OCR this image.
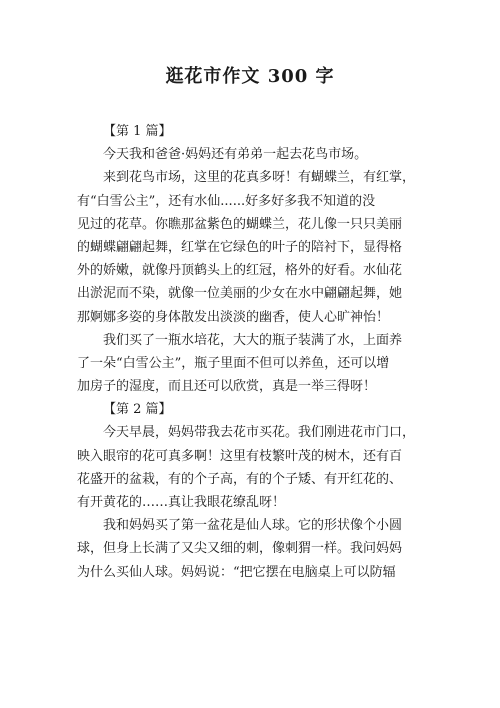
逛花市作文 300 字
【第 1 篇】
今天我和爸爸·妈妈还有弟弟一起去花鸟市场。
来到花鸟市场，这里的花真多呀！有蝴蝶兰，有红掌，
有“白雪公主”，还有水仙......好多好多我不知道的没
见过的花草。你瞧那盆紫色的蝴蝶兰，花儿像一只只美丽
的蝴蝶翩翩起舞，红掌在它绿色的叶子的陪衬下，显得格
外的娇嫩，就像丹顶鹤头上的红冠，格外的好看。水仙花
出淤泥而不染，就像一位美丽的少女在水中翩翩起舞，她
那婀娜多姿的身体散发出淡淡的幽香，使人心旷神怡！
我们买了一瓶水培花，大大的瓶子装满了水，上面养
了一朵“白雪公主”，瓶子里面不但可以养鱼，还可以增
加房子的湿度，而且还可以欣赏，真是一举三得呀！
【第 2 篇】
今天早晨，妈妈带我去花市买花。我们刚进花市门口，
映入眼帘的花可真多啊！这里有枝繁叶茂的树木，还有百
花盛开的盆栽，有的个子高，有的个子矮、有开红花的、
有开黄花的……真让我眼花缭乱呀！
我和妈妈买了第一盆花是仙人球。它的形状像个小圆
球，但身上长满了又尖又细的刺，像刺猬一样。我问妈妈
为什么买仙人球。妈妈说：“把它摆在电脑桌上可以防辐
